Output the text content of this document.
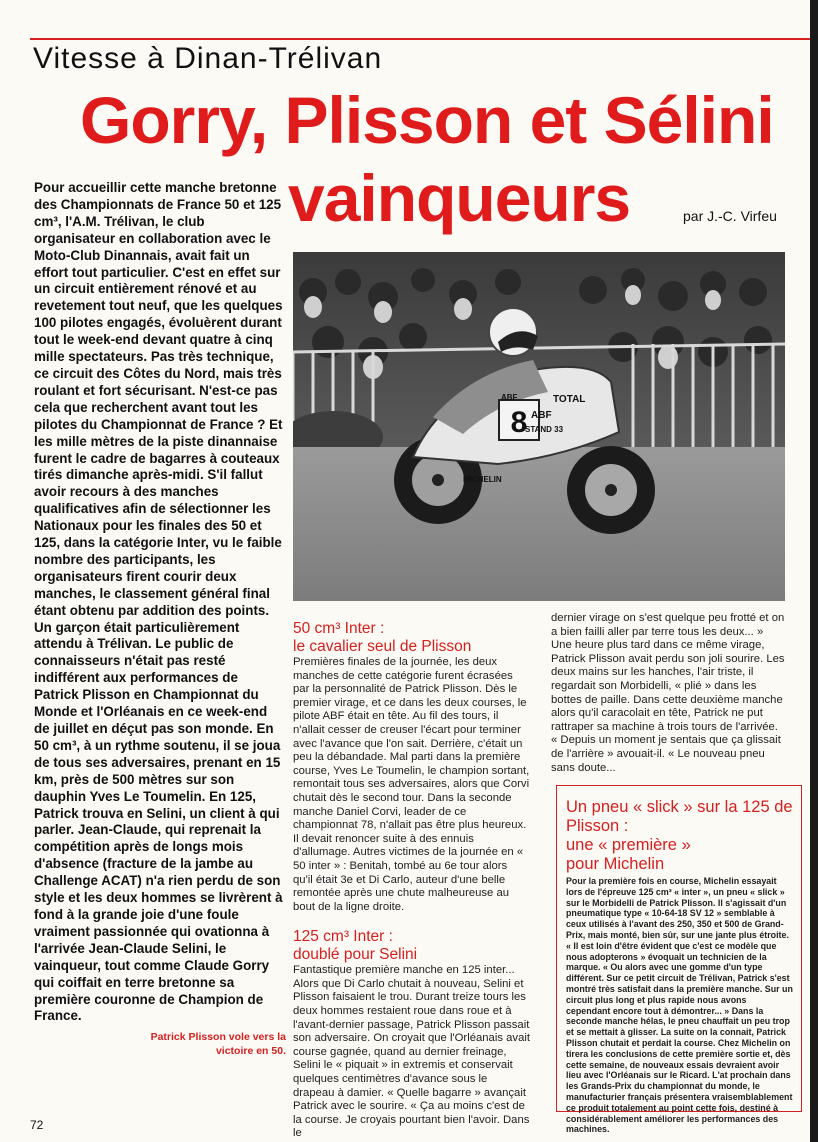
Vitesse à Dinan-Trélivan
Gorry, Plisson et Sélini
vainqueurs	par J.-C. Virfeu

Pour accueillir cette manche bretonne des Championnats de France 50 et 125 cm³, l'A.M. Trélivan, le club organisateur en collaboration avec le Moto-Club Dinannais, avait fait un effort tout particulier. C'est en effet sur un circuit entièrement rénové et au revetement tout neuf, que les quelques 100 pilotes engagés, évoluèrent durant tout le week-end devant quatre à cinq mille spectateurs. Pas très technique, ce circuit des Côtes du Nord, mais très roulant et fort sécurisant. N'est-ce pas cela que recherchent avant tout les pilotes du Championnat de France ? Et les mille mètres de la piste dinannaise furent le cadre de bagarres à couteaux tirés dimanche après-midi. S'il fallut avoir recours à des manches qualificatives afin de sélectionner les Nationaux pour les finales des 50 et 125, dans la catégorie Inter, vu le faible nombre des participants, les organisateurs firent courir deux manches, le classement général final étant obtenu par addition des points. Un garçon était particulièrement attendu à Trélivan. Le public de connaisseurs n'était pas resté indifférent aux performances de Patrick Plisson en Championnat du Monde et l'Orléanais en ce week-end de juillet en déçut pas son monde. En 50 cm³, à un rythme soutenu, il se joua de tous ses adversaires, prenant en 15 km, près de 500 mètres sur son dauphin Yves Le Toumelin. En 125, Patrick trouva en Selini, un client à qui parler. Jean-Claude, qui reprenait la compétition après de longs mois d'absence (fracture de la jambe au Challenge ACAT) n'a rien perdu de son style et les deux hommes se livrèrent à fond à la grande joie d'une foule vraiment passionnée qui ovationna à l'arrivée Jean-Claude Selini, le vainqueur, tout comme Claude Gorry qui coiffait en terre bretonne sa première couronne de Champion de France.

Patrick Plisson vole vers la victoire en 50.

8
TOTAL
ABF
STAND 33
MICHELIN
ABF
50 cm³ Inter :
le cavalier seul de Plisson

Premières finales de la journée, les deux manches de cette catégorie furent écrasées par la personnalité de Patrick Plisson. Dès le premier virage, et ce dans les deux courses, le pilote ABF était en tête. Au fil des tours, il n'allait cesser de creuser l'écart pour terminer avec l'avance que l'on sait. Derrière, c'était un peu la débandade. Mal parti dans la première course, Yves Le Toumelin, le champion sortant, remontait tous ses adversaires, alors que Corvi chutait dès le second tour. Dans la seconde manche Daniel Corvi, leader de ce championnat 78, n'allait pas être plus heureux. Il devait renoncer suite à des ennuis d'allumage. Autres victimes de la journée en « 50 inter » : Benitah, tombé au 6e tour alors qu'il était 3e et Di Carlo, auteur d'une belle remontée après une chute malheureuse au bout de la ligne droite.

125 cm³ Inter :
doublé pour Selini

Fantastique première manche en 125 inter... Alors que Di Carlo chutait à nouveau, Selini et Plisson faisaient le trou. Durant treize tours les deux hommes restaient roue dans roue et à l'avant-dernier passage, Patrick Plisson passait son adversaire. On croyait que l'Orléanais avait course gagnée, quand au dernier freinage, Selini le « piquait » in extremis et conservait quelques centimètres d'avance sous le drapeau à damier. « Quelle bagarre » avançait Patrick avec le sourire. « Ça au moins c'est de la course. Je croyais pourtant bien l'avoir. Dans le

dernier virage on s'est quelque peu frotté et on a bien failli aller par terre tous les deux... » Une heure plus tard dans ce même virage, Patrick Plisson avait perdu son joli sourire. Les deux mains sur les hanches, l'air triste, il regardait son Morbidelli, « plié » dans les bottes de paille. Dans cette deuxième manche alors qu'il caracolait en tête, Patrick ne put rattraper sa machine à trois tours de l'arrivée. « Depuis un moment je sentais que ça glissait de l'arrière » avouait-il. « Le nouveau pneu sans doute...

Un pneu « slick » sur la 125 de Plisson :
une « première »
pour Michelin

Pour la première fois en course, Michelin essayait lors de l'épreuve 125 cm³ « inter », un pneu « slick » sur le Morbidelli de Patrick Plisson. Il s'agissait d'un pneumatique type « 10-64-18 SV 12 » semblable à ceux utilisés à l'avant des 250, 350 et 500 de Grand-Prix, mais monté, bien sûr, sur une jante plus étroite. « Il est loin d'être évident que c'est ce modèle que nous adopterons » évoquait un technicien de la marque. « Ou alors avec une gomme d'un type différent. Sur ce petit circuit de Trélivan, Patrick s'est montré très satisfait dans la première manche. Sur un circuit plus long et plus rapide nous avons cependant encore tout à démontrer... » Dans la seconde manche hélas, le pneu chauffait un peu trop et se mettait à glisser. La suite on la connait, Patrick Plisson chutait et perdait la course. Chez Michelin on tirera les conclusions de cette première sortie et, dès cette semaine, de nouveaux essais devraient avoir lieu avec l'Orléanais sur le Ricard. L'at prochain dans les Grands-Prix du championnat du monde, le manufacturier français présentera vraisemblablement ce produit totalement au point cette fois, destiné à considérablement améliorer les performances des machines.

72
